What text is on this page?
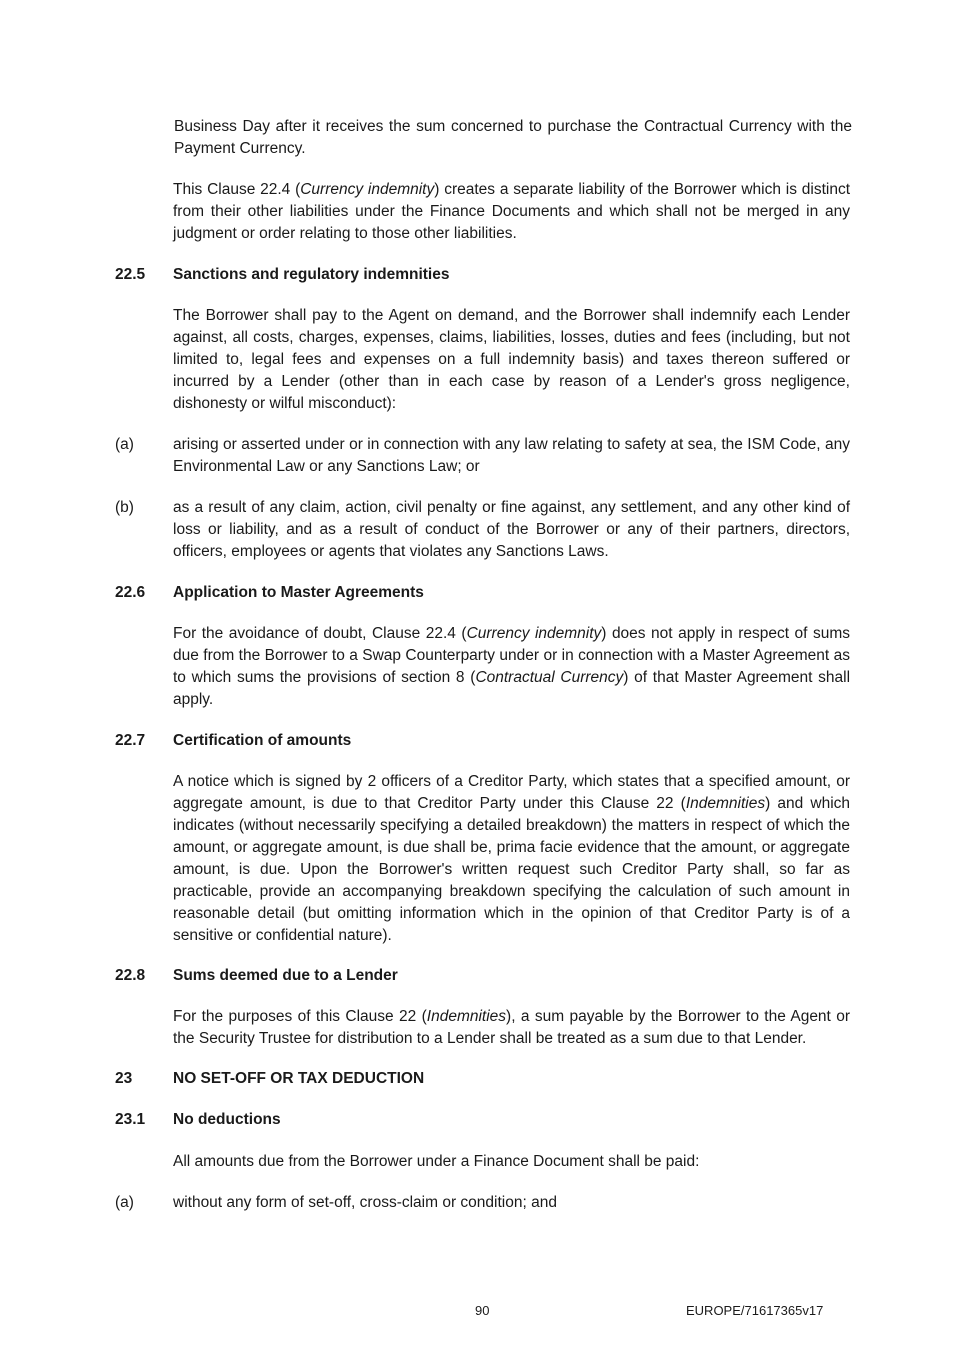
Business Day after it receives the sum concerned to purchase the Contractual Currency with the Payment Currency.

This Clause 22.4 (Currency indemnity) creates a separate liability of the Borrower which is distinct from their other liabilities under the Finance Documents and which shall not be merged in any judgment or order relating to those other liabilities.

22.5 Sanctions and regulatory indemnities

The Borrower shall pay to the Agent on demand, and the Borrower shall indemnify each Lender against, all costs, charges, expenses, claims, liabilities, losses, duties and fees (including, but not limited to, legal fees and expenses on a full indemnity basis) and taxes thereon suffered or incurred by a Lender (other than in each case by reason of a Lender's gross negligence, dishonesty or wilful misconduct):

(a)	arising or asserted under or in connection with any law relating to safety at sea, the ISM Code, any Environmental Law or any Sanctions Law; or

(b)	as a result of any claim, action, civil penalty or fine against, any settlement, and any other kind of loss or liability, and as a result of conduct of the Borrower or any of their partners, directors, officers, employees or agents that violates any Sanctions Laws.

22.6 Application to Master Agreements

For the avoidance of doubt, Clause 22.4 (Currency indemnity) does not apply in respect of sums due from the Borrower to a Swap Counterparty under or in connection with a Master Agreement as to which sums the provisions of section 8 (Contractual Currency) of that Master Agreement shall apply.

22.7 Certification of amounts

A notice which is signed by 2 officers of a Creditor Party, which states that a specified amount, or aggregate amount, is due to that Creditor Party under this Clause 22 (Indemnities) and which indicates (without necessarily specifying a detailed breakdown) the matters in respect of which the amount, or aggregate amount, is due shall be, prima facie evidence that the amount, or aggregate amount, is due. Upon the Borrower's written request such Creditor Party shall, so far as practicable, provide an accompanying breakdown specifying the calculation of such amount in reasonable detail (but omitting information which in the opinion of that Creditor Party is of a sensitive or confidential nature).

22.8 Sums deemed due to a Lender

For the purposes of this Clause 22 (Indemnities), a sum payable by the Borrower to the Agent or the Security Trustee for distribution to a Lender shall be treated as a sum due to that Lender.

23	NO SET-OFF OR TAX DEDUCTION

23.1 No deductions

All amounts due from the Borrower under a Finance Document shall be paid:

(a)	without any form of set-off, cross-claim or condition; and

90	EUROPE/71617365v17
